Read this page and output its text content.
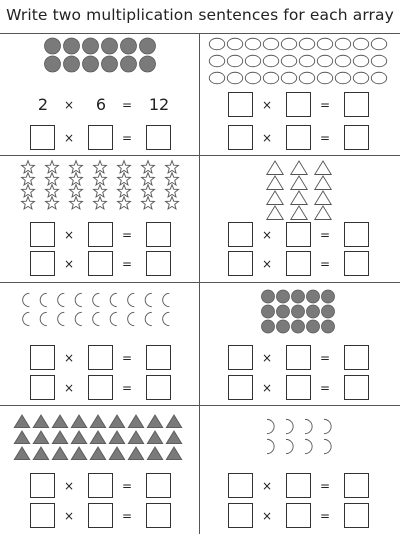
Write two multiplication sentences for each array
2	×	6	=	12
×	=
×	=
×	=
×	=
×	=
×	=
×	=
×	=
×	=
×	=
×	=
×	=
×	=
×	=
×	=
